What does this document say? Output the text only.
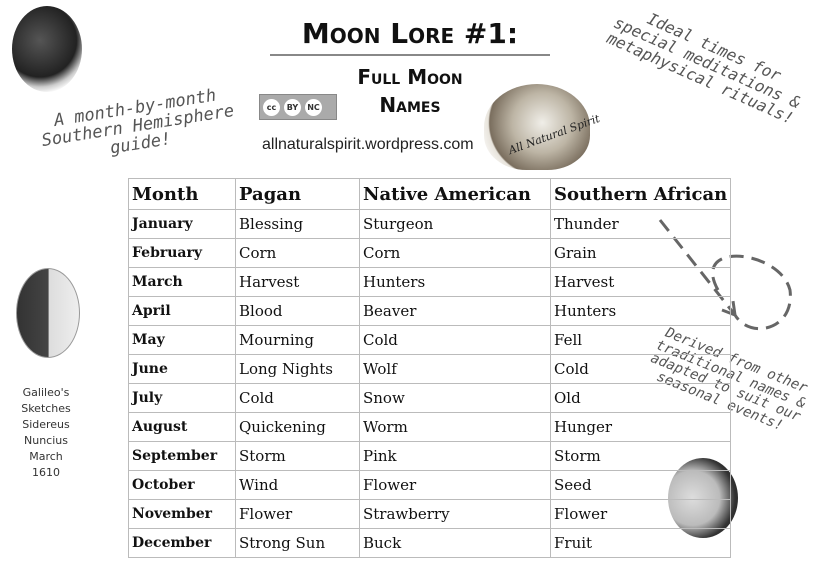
Moon Lore #1:
Full Moon
Names
cc	BY	NC
allnaturalspirit.wordpress.com	All Natural Spirit
A month-by-month Southern Hemisphere guide!
Ideal times for special meditations & metaphysical rituals!
Derived from other traditional names & adapted to suit our seasonal events!
Galileo's Sketches
Sidereus Nuncius
March
1610
Month	Pagan	Native American	Southern African
January	Blessing	Sturgeon	Thunder
February	Corn	Corn	Grain
March	Harvest	Hunters	Harvest
April	Blood	Beaver	Hunters
May	Mourning	Cold	Fell
June	Long Nights	Wolf	Cold
July	Cold	Snow	Old
August	Quickening	Worm	Hunger
September	Storm	Pink	Storm
October	Wind	Flower	Seed
November	Flower	Strawberry	Flower
December	Strong Sun	Buck	Fruit
